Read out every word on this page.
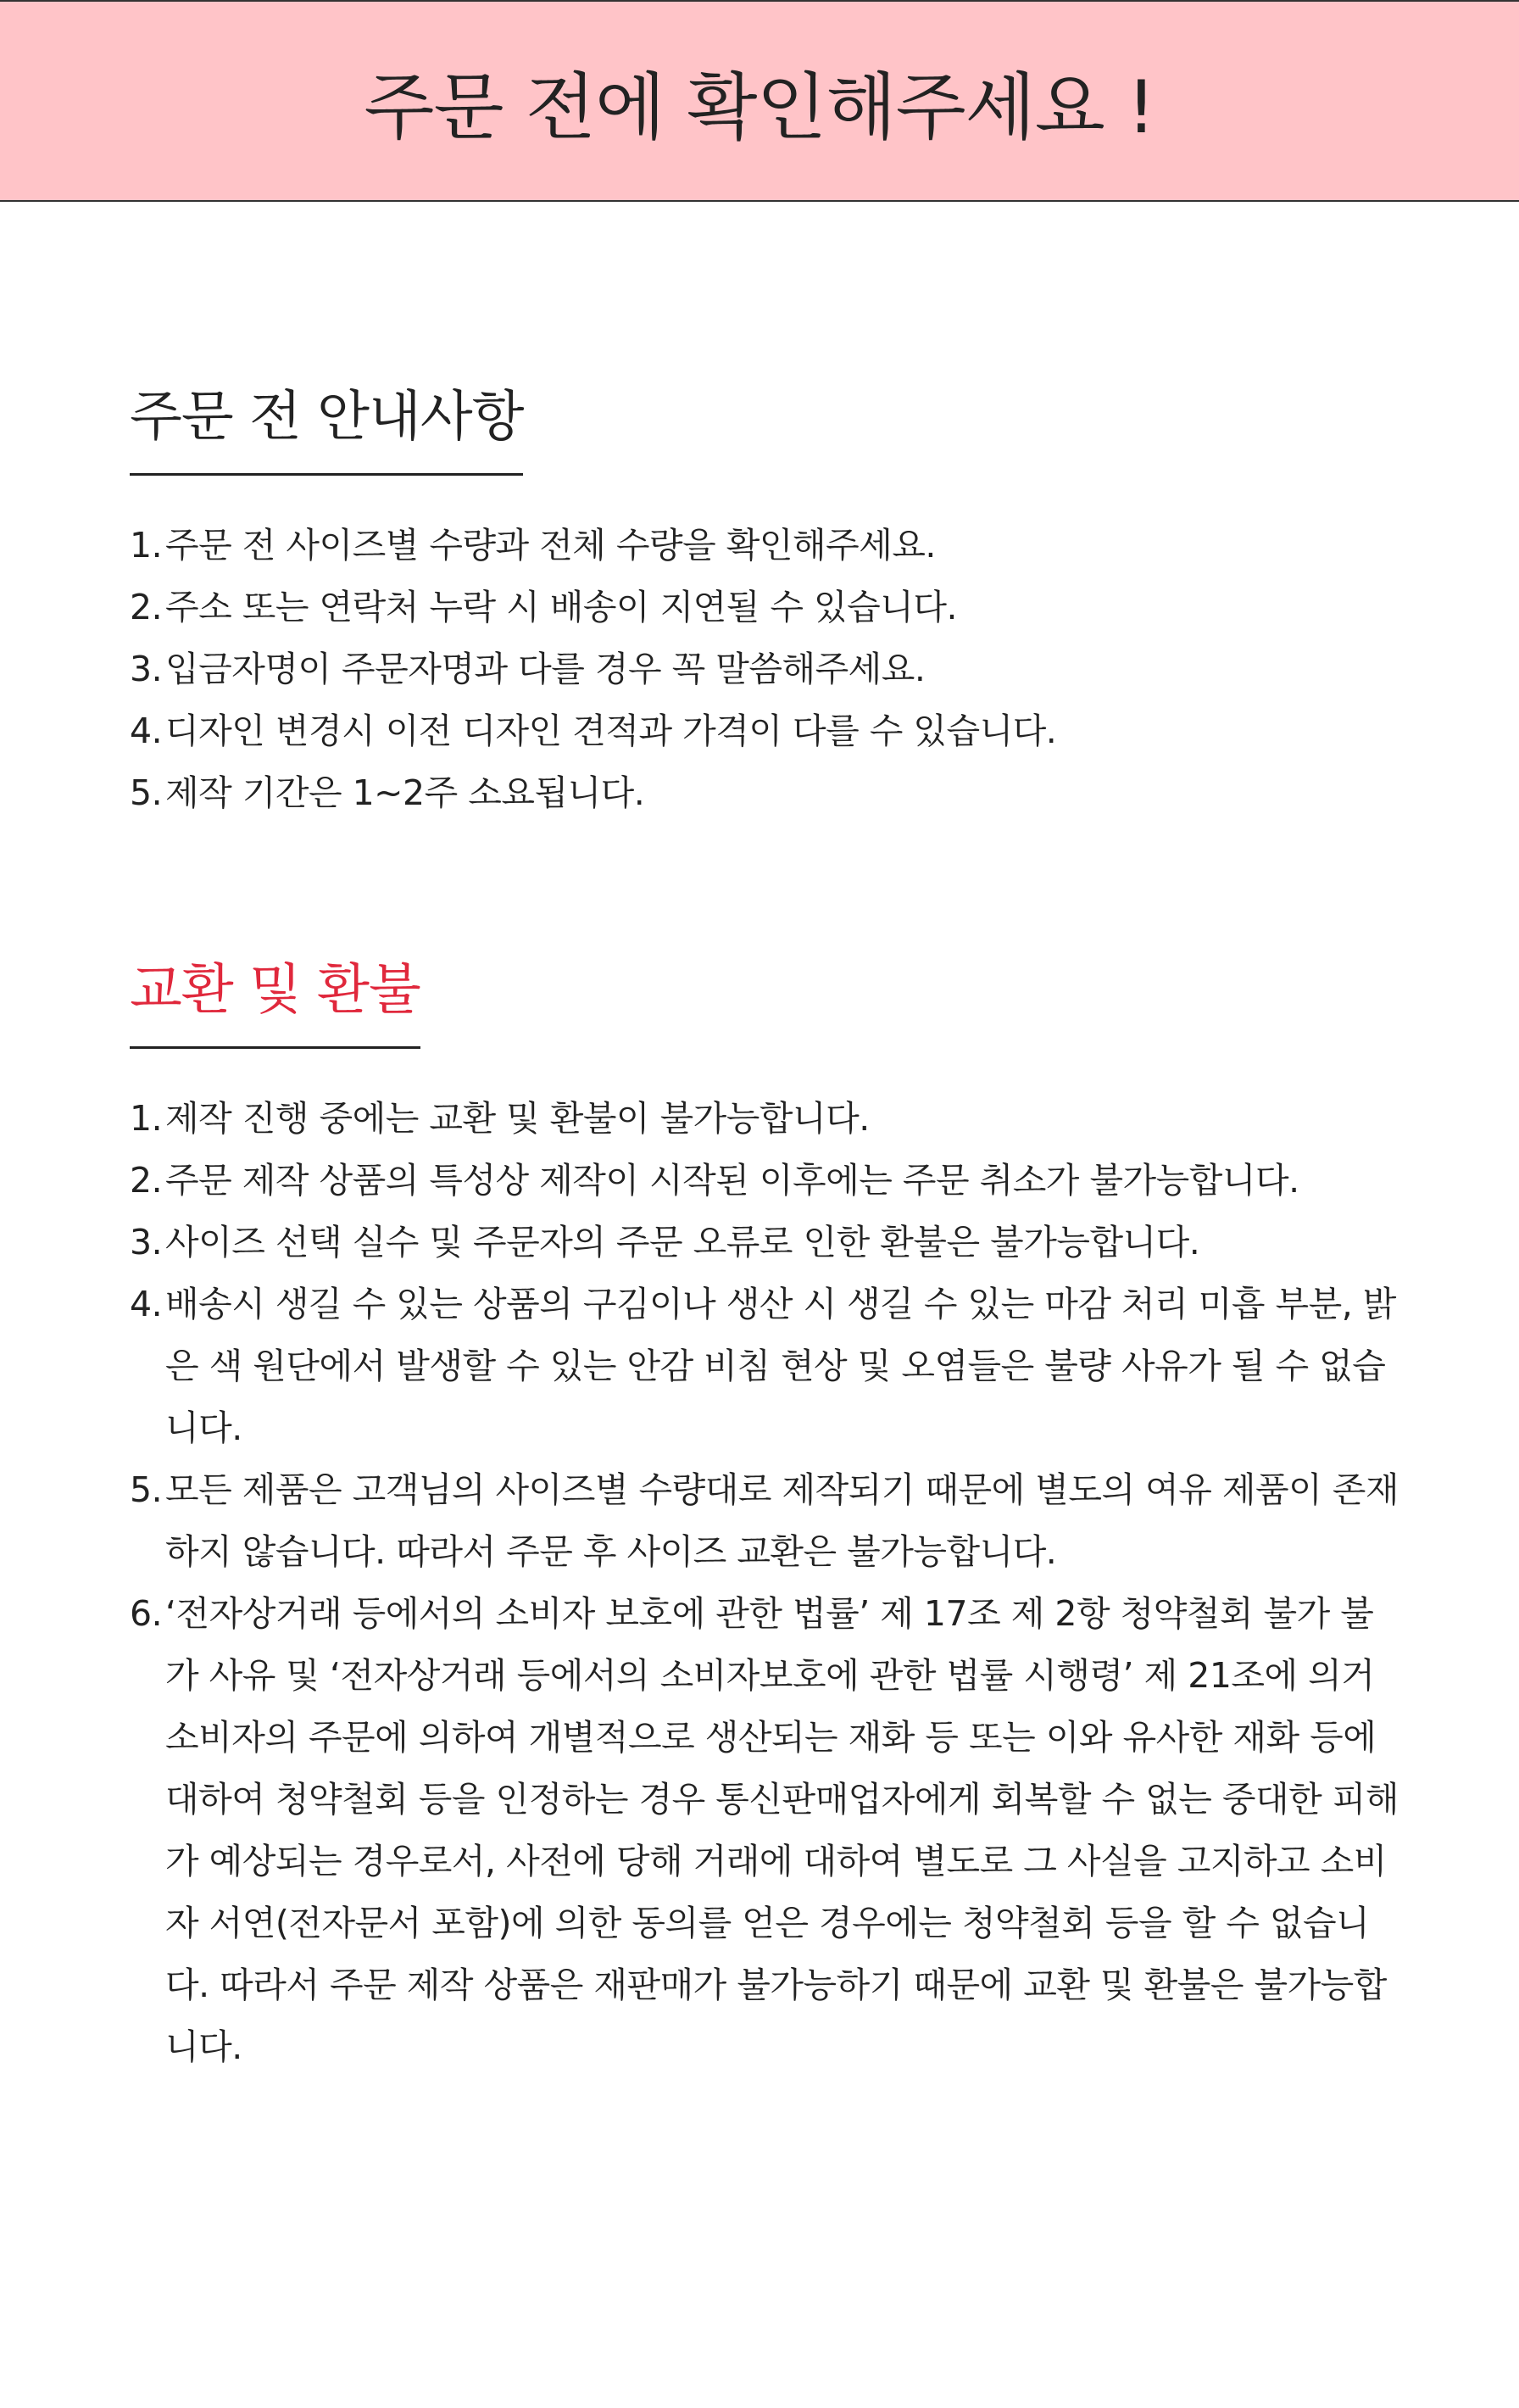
주문 전에 확인해주세요 !
주문 전 안내사항
1. 주문 전 사이즈별 수량과 전체 수량을 확인해주세요.
2. 주소 또는 연락처 누락 시 배송이 지연될 수 있습니다.
3. 입금자명이 주문자명과 다를 경우 꼭 말씀해주세요.
4. 디자인 변경시 이전 디자인 견적과 가격이 다를 수 있습니다.
5. 제작 기간은 1~2주 소요됩니다.
교환 및 환불
1. 제작 진행 중에는 교환 및 환불이 불가능합니다.
2. 주문 제작 상품의 특성상 제작이 시작된 이후에는 주문 취소가 불가능합니다.
3. 사이즈 선택 실수 및 주문자의 주문 오류로 인한 환불은 불가능합니다.
4. 배송시 생길 수 있는 상품의 구김이나 생산 시 생길 수 있는 마감 처리 미흡 부분, 밝은 색 원단에서 발생할 수 있는 안감 비침 현상 및 오염들은 불량 사유가 될 수 없습니다.
5. 모든 제품은 고객님의 사이즈별 수량대로 제작되기 때문에 별도의 여유 제품이 존재하지 않습니다. 따라서 주문 후 사이즈 교환은 불가능합니다.
6. ‘전자상거래 등에서의 소비자 보호에 관한 법률’ 제 17조 제 2항 청약철회 불가 불가 사유 및 ‘전자상거래 등에서의 소비자보호에 관한 법률 시행령’ 제 21조에 의거 소비자의 주문에 의하여 개별적으로 생산되는 재화 등 또는 이와 유사한 재화 등에 대하여 청약철회 등을 인정하는 경우 통신판매업자에게 회복할 수 없는 중대한 피해가 예상되는 경우로서, 사전에 당해 거래에 대하여 별도로 그 사실을 고지하고 소비자 서연(전자문서 포함)에 의한 동의를 얻은 경우에는 청약철회 등을 할 수 없습니다. 따라서 주문 제작 상품은 재판매가 불가능하기 때문에 교환 및 환불은 불가능합니다.
